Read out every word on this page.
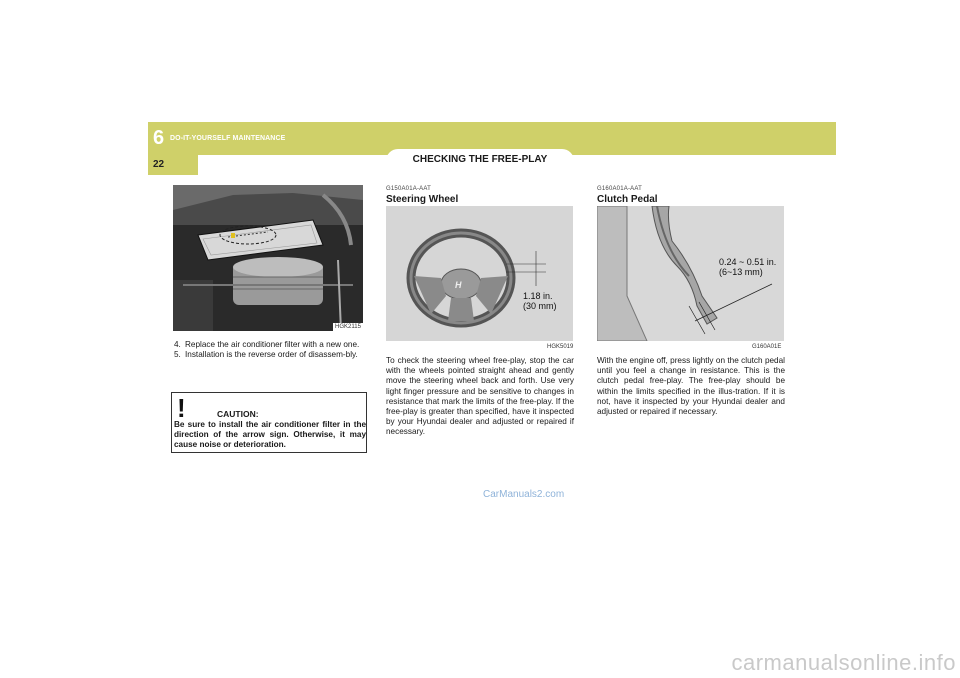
6 DO-IT-YOURSELF MAINTENANCE
22	CHECKING THE FREE-PLAY
HGK2115
4. Replace the air conditioner filter with a new one.
5. Installation is the reverse order of disassem-bly.
!	CAUTION:
Be sure to install the air conditioner filter in the direction of the arrow sign. Otherwise, it may cause noise or deterioration.
G150A01A-AAT
Steering Wheel
H
1.18 in.
(30 mm)
HGK5019
To check the steering wheel free-play, stop the car with the wheels pointed straight ahead and gently move the steering wheel back and forth. Use very light finger pressure and be sensitive to changes in resistance that mark the limits of the free-play. If the free-play is greater than specified, have it inspected by your Hyundai dealer and adjusted or repaired if necessary.
G160A01A-AAT
Clutch Pedal
0.24 ~ 0.51 in.
(6~13 mm)
G160A01E
With the engine off, press lightly on the clutch pedal until you feel a change in resistance. This is the clutch pedal free-play. The free-play should be within the limits specified in the illus-tration. If it is not, have it inspected by your Hyundai dealer and adjusted or repaired if necessary.
CarManuals2.com
carmanualsonline.info
